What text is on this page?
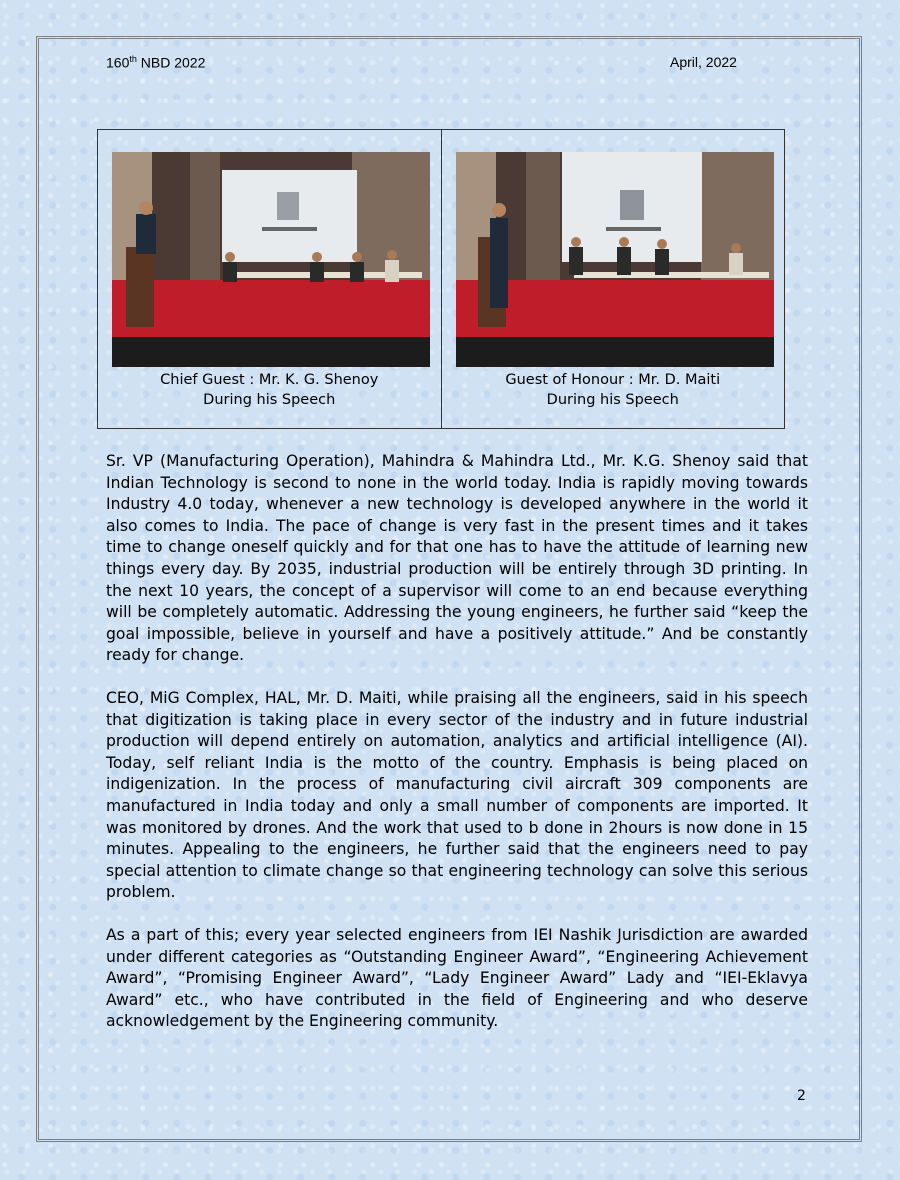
160th NBD 2022	April, 2022
Chief Guest : Mr. K. G. Shenoy
During his Speech
Guest of Honour : Mr. D. Maiti
During his Speech

Sr. VP (Manufacturing Operation), Mahindra & Mahindra Ltd., Mr. K.G. Shenoy said that Indian Technology is second to none in the world today. India is rapidly moving towards Industry 4.0 today, whenever a new technology is developed anywhere in the world it also comes to India. The pace of change is very fast in the present times and it takes time to change oneself quickly and for that one has to have the attitude of learning new things every day. By 2035, industrial production will be entirely through 3D printing. In the next 10 years, the concept of a supervisor will come to an end because everything will be completely automatic. Addressing the young engineers, he further said “keep the goal impossible, believe in yourself and have a positively attitude.” And be constantly ready for change.

CEO, MiG Complex, HAL, Mr. D. Maiti, while praising all the engineers, said in his speech that digitization is taking place in every sector of the industry and in future industrial production will depend entirely on automation, analytics and artificial intelligence (AI). Today, self reliant India is the motto of the country. Emphasis is being placed on indigenization. In the process of manufacturing civil aircraft 309 components are manufactured in India today and only a small number of components are imported. It was monitored by drones. And the work that used to b done in 2hours is now done in 15 minutes. Appealing to the engineers, he further said that the engineers need to pay special attention to climate change so that engineering technology can solve this serious problem.

As a part of this; every year selected engineers from IEI Nashik Jurisdiction are awarded under different categories as “Outstanding Engineer Award”, “Engineering Achievement Award”, “Promising Engineer Award”, “Lady Engineer Award” Lady and “IEI-Eklavya Award” etc., who have contributed in the field of Engineering and who deserve acknowledgement by the Engineering community.

2
